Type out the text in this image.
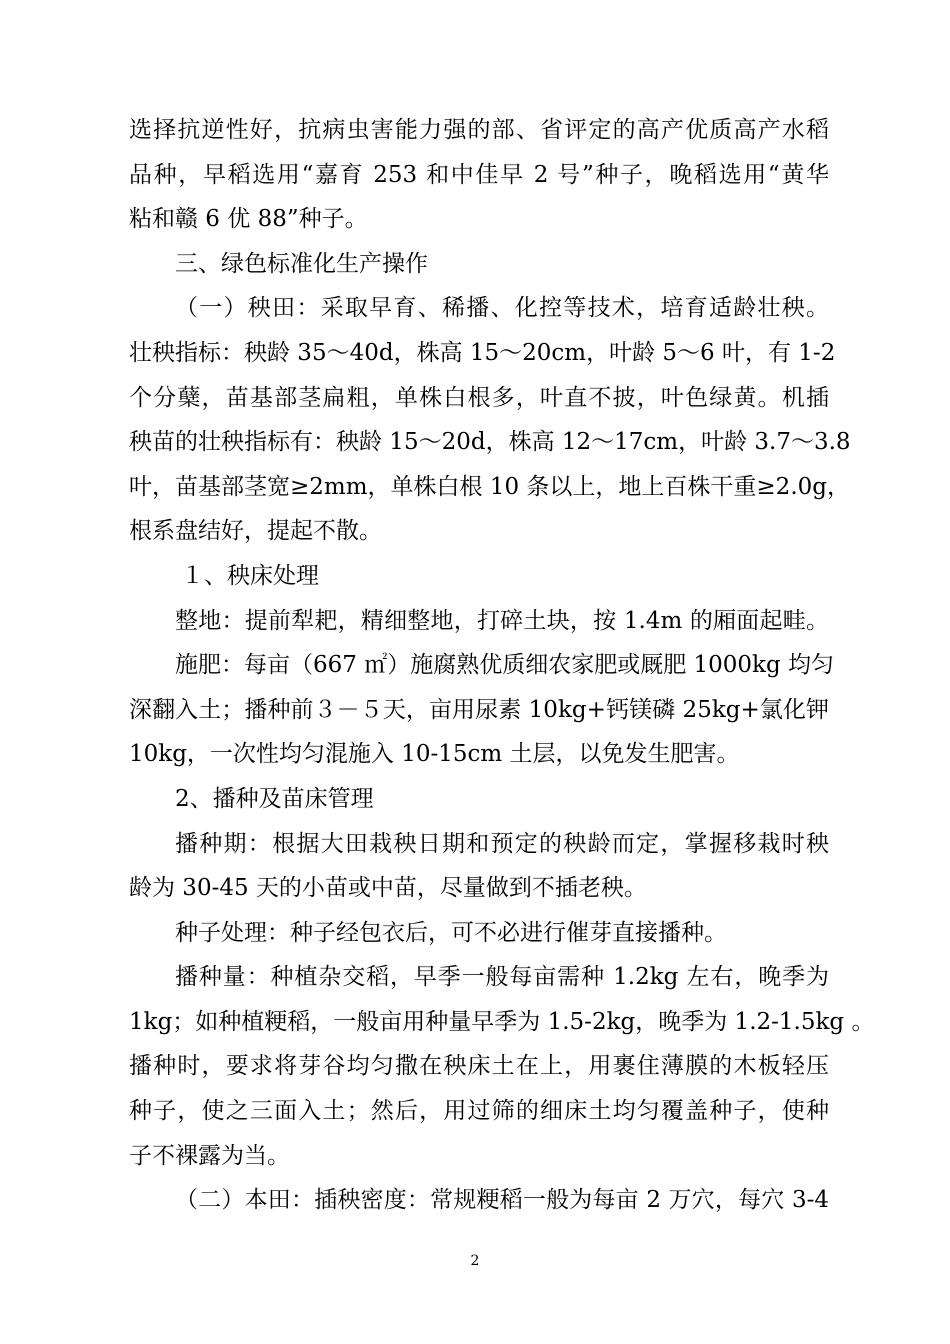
选择抗逆性好，抗病虫害能力强的部、省评定的高产优质高产水稻
品种，早稻选用“嘉育 253 和中佳早 2 号”种子，晚稻选用“黄华
粘和赣 6 优 88”种子。
三、绿色标准化生产操作
（一）秧田：采取早育、稀播、化控等技术，培育适龄壮秧。
壮秧指标：秧龄 35～40d，株高 15～20cm，叶龄 5～6 叶，有 1-2
个分蘖，苗基部茎扁粗，单株白根多，叶直不披，叶色绿黄。机插
秧苗的壮秧指标有：秧龄 15～20d，株高 12～17cm，叶龄 3.7～3.8
叶，苗基部茎宽≥2mm，单株白根 10 条以上，地上百株干重≥2.0g，
根系盘结好，提起不散。
１、秧床处理
整地：提前犁耙，精细整地，打碎土块，按 1.4m 的厢面起畦。
施肥：每亩（667 ㎡）施腐熟优质细农家肥或厩肥 1000kg 均匀
深翻入土；播种前３－５天，亩用尿素 10kg+钙镁磷 25kg+氯化钾
10kg，一次性均匀混施入 10-15cm 土层，以免发生肥害。
2、播种及苗床管理
播种期：根据大田栽秧日期和预定的秧龄而定，掌握移栽时秧
龄为 30-45 天的小苗或中苗，尽量做到不插老秧。
种子处理：种子经包衣后，可不必进行催芽直接播种。
播种量：种植杂交稻，早季一般每亩需种 1.2kg 左右，晚季为
1kg；如种植粳稻，一般亩用种量早季为 1.5-2kg，晚季为 1.2-1.5kg 。
播种时，要求将芽谷均匀撒在秧床土在上，用裹住薄膜的木板轻压
种子，使之三面入土；然后，用过筛的细床土均匀覆盖种子，使种
子不裸露为当。
（二）本田：插秧密度：常规粳稻一般为每亩 2 万穴，每穴 3-4
2
